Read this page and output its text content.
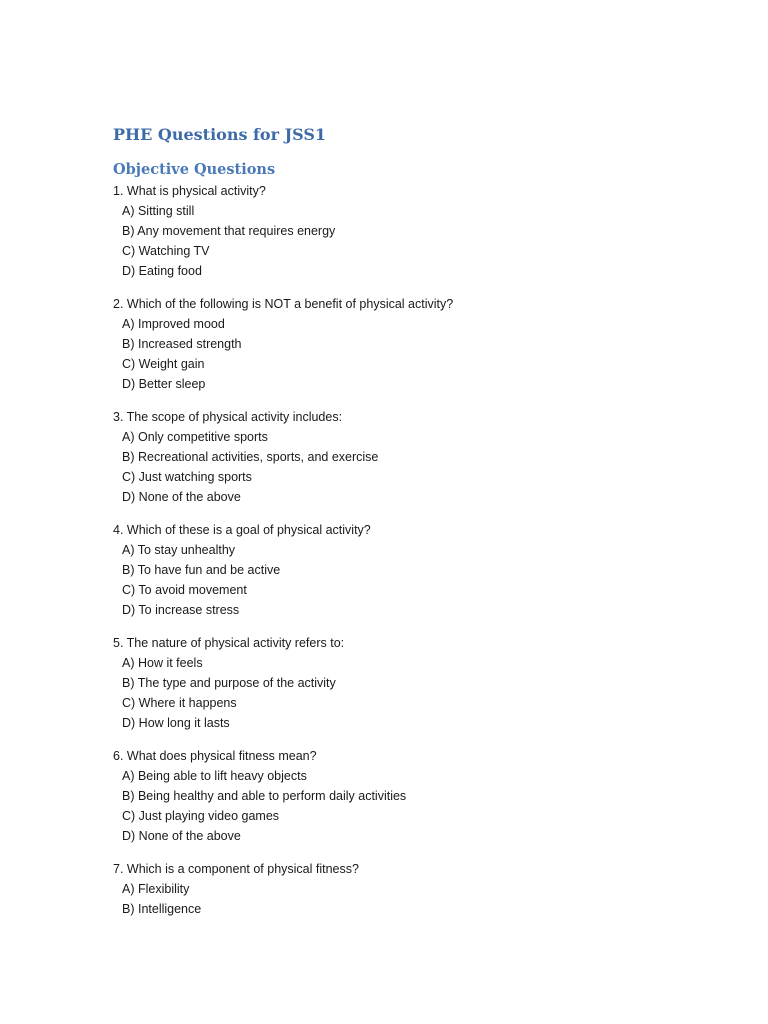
PHE Questions for JSS1
Objective Questions
1. What is physical activity?
A) Sitting still
B) Any movement that requires energy
C) Watching TV
D) Eating food
2. Which of the following is NOT a benefit of physical activity?
A) Improved mood
B) Increased strength
C) Weight gain
D) Better sleep
3. The scope of physical activity includes:
A) Only competitive sports
B) Recreational activities, sports, and exercise
C) Just watching sports
D) None of the above
4. Which of these is a goal of physical activity?
A) To stay unhealthy
B) To have fun and be active
C) To avoid movement
D) To increase stress
5. The nature of physical activity refers to:
A) How it feels
B) The type and purpose of the activity
C) Where it happens
D) How long it lasts
6. What does physical fitness mean?
A) Being able to lift heavy objects
B) Being healthy and able to perform daily activities
C) Just playing video games
D) None of the above
7. Which is a component of physical fitness?
A) Flexibility
B) Intelligence
